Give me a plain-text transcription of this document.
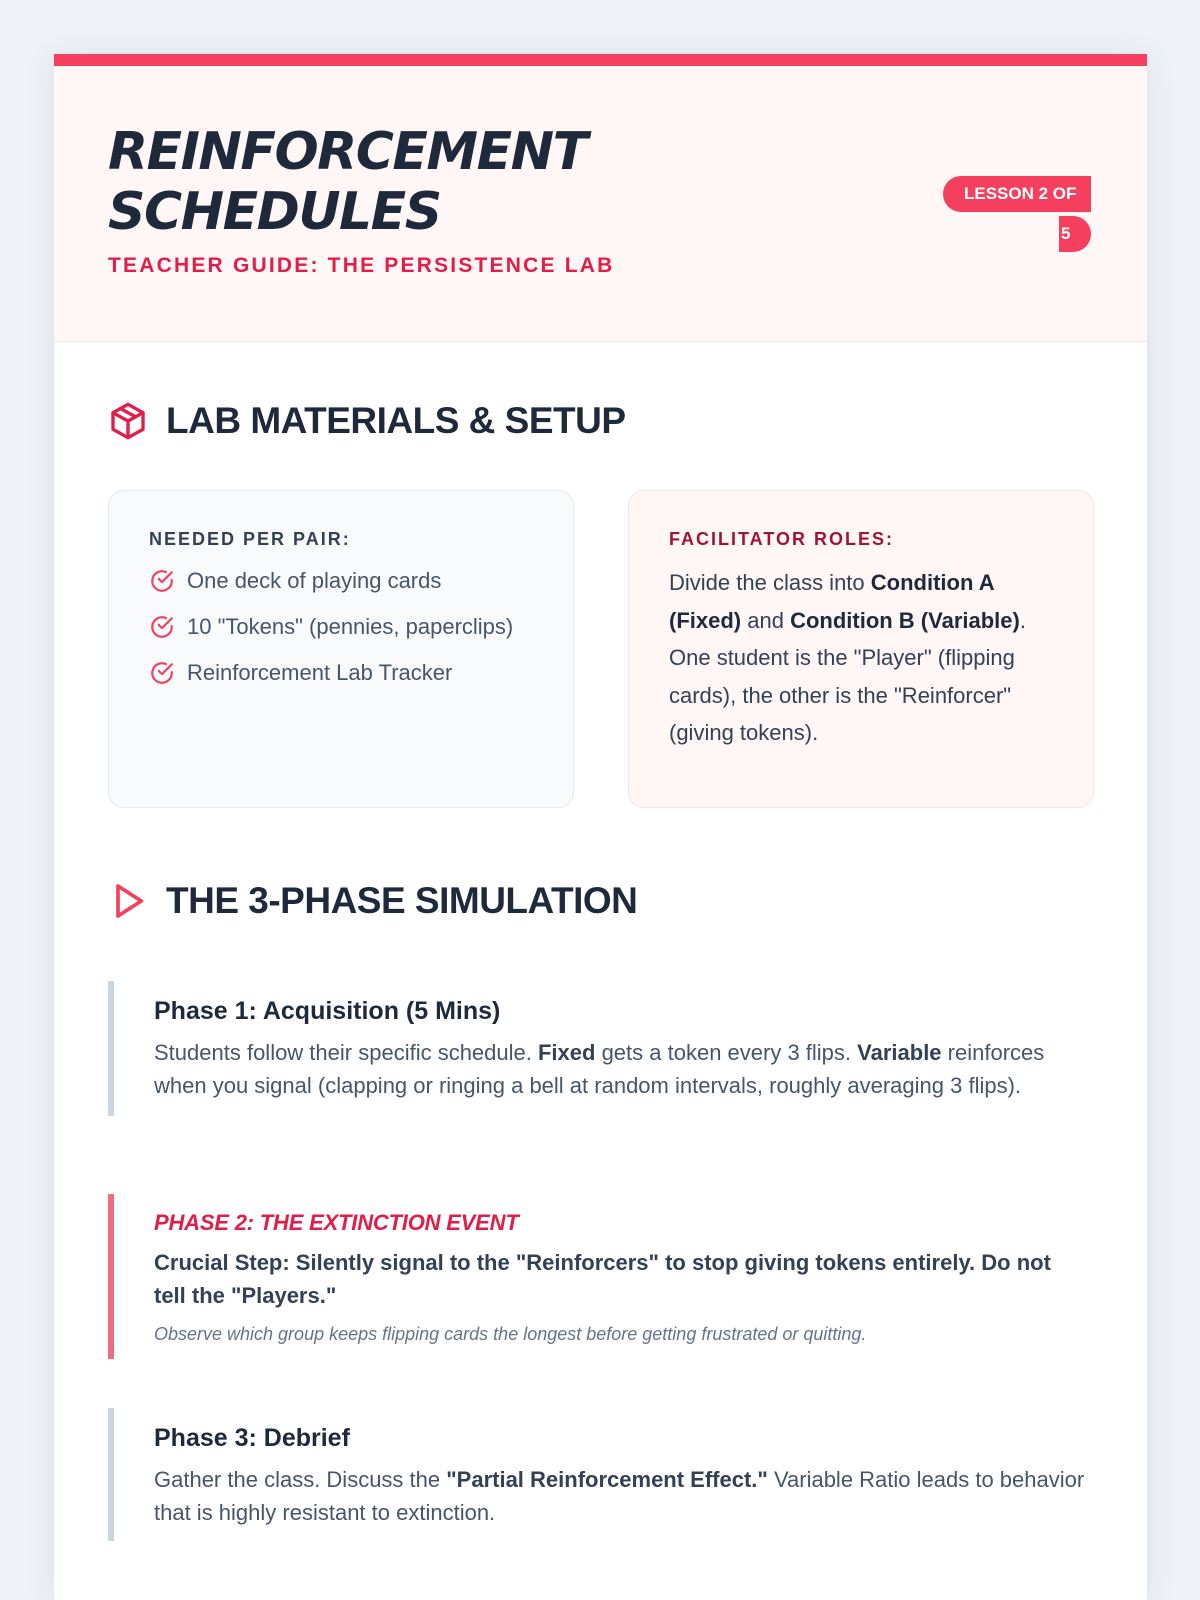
REINFORCEMENT SCHEDULES
TEACHER GUIDE: THE PERSISTENCE LAB
LESSON 2 OF
5
LAB MATERIALS & SETUP
NEEDED PER PAIR:
One deck of playing cards
10 "Tokens" (pennies, paperclips)
Reinforcement Lab Tracker
FACILITATOR ROLES:
Divide the class into Condition A (Fixed) and Condition B (Variable). One student is the "Player" (flipping cards), the other is the "Reinforcer" (giving tokens).
THE 3-PHASE SIMULATION
Phase 1: Acquisition (5 Mins)
Students follow their specific schedule. Fixed gets a token every 3 flips. Variable reinforces when you signal (clapping or ringing a bell at random intervals, roughly averaging 3 flips).
PHASE 2: THE EXTINCTION EVENT
Crucial Step: Silently signal to the "Reinforcers" to stop giving tokens entirely. Do not tell the "Players."
Observe which group keeps flipping cards the longest before getting frustrated or quitting.
Phase 3: Debrief
Gather the class. Discuss the "Partial Reinforcement Effect." Variable Ratio leads to behavior that is highly resistant to extinction.
